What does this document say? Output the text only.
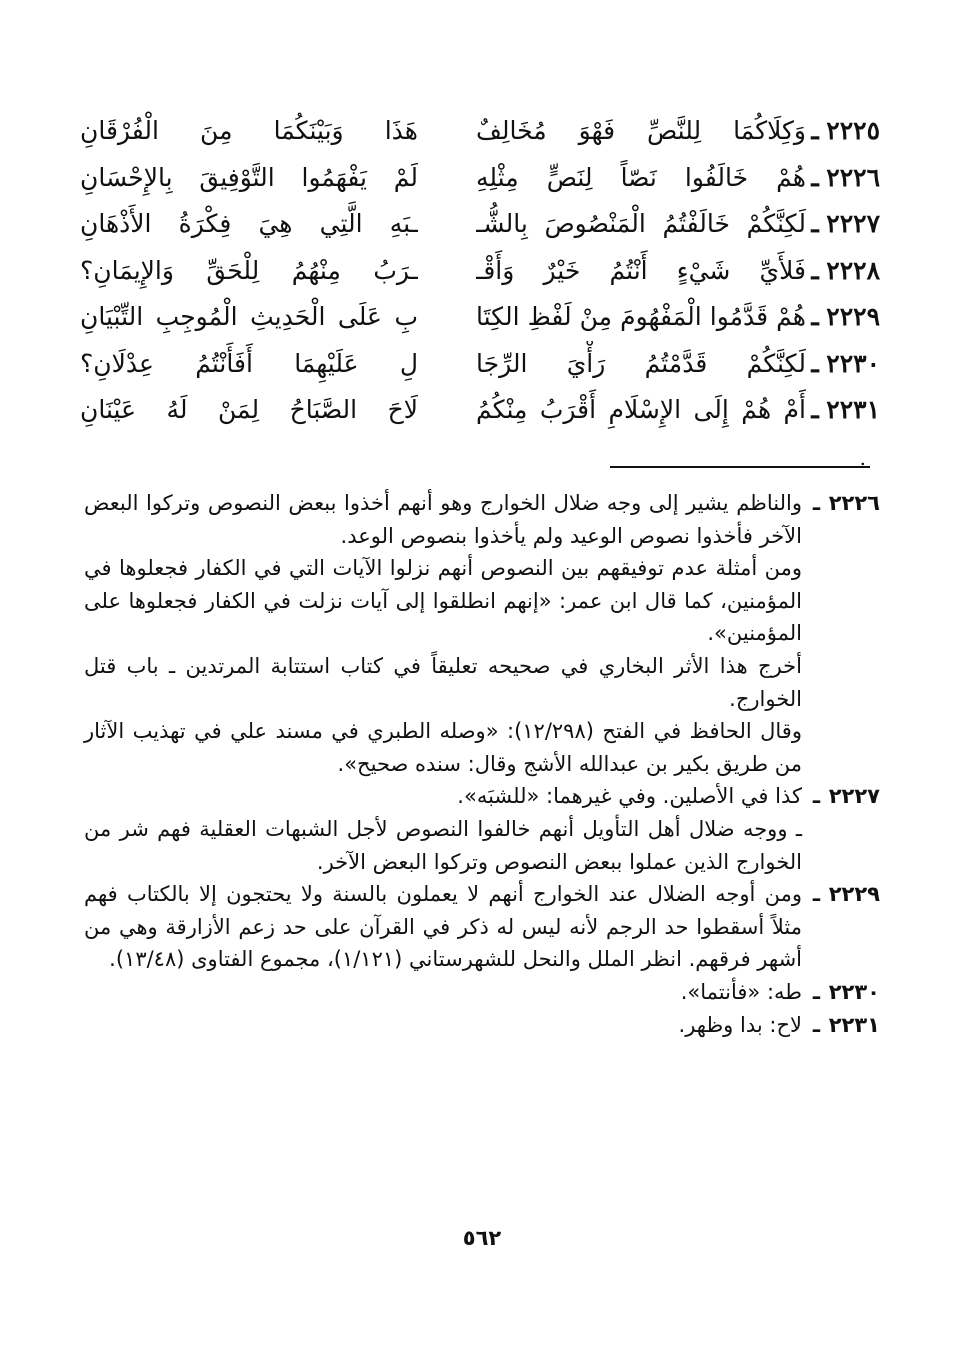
٢٢٢٥
ـ
وَكِلَاكُمَا لِلنَّصِّ فَهْوَ مُخَالِفٌ
هَذَا وَبَيْنَكُمَا مِنَ الْفُرْقَانِ
٢٢٢٦
ـ
هُمْ خَالَفُوا نَصّاً لِنَصٍّ مِثْلِهِ
لَمْ يَفْهَمُوا التَّوْفِيقَ بِالإِحْسَانِ
٢٢٢٧
ـ
لَكِنَّكُمْ خَالَفْتُمُ الْمَنْصُوصَ بِالشُّـ
ـبَهِ الَّتِي هِيَ فِكْرَةُ الأَذْهَانِ
٢٢٢٨
ـ
فَلأَيِّ شَيْءٍ أَنْتُمُ خَيْرٌ وَأَقْـ
ـرَبُ مِنْهُمُ لِلْحَقِّ وَالإِيمَانِ؟
٢٢٢٩
ـ
هُمْ قَدَّمُوا الْمَفْهُومَ مِنْ لَفْظِ الكِتَا
بِ عَلَى الْحَدِيثِ الْمُوجِبِ التِّبْيَانِ
٢٢٣٠
ـ
لَكِنَّكُمْ قَدَّمْتُمُ رَأْيَ الرِّجَا
لِ عَلَيْهِمَا أَفَأَنْتُمُ عِدْلَانِ؟
٢٢٣١
ـ
أَمْ هُمْ إِلَى الإِسْلَامِ أَقْرَبُ مِنْكُمُ
لَاحَ الصَّبَاحُ لِمَنْ لَهُ عَيْنَانِ
.
٢٢٢٦
ـ

والناظم يشير إلى وجه ضلال الخوارج وهو أنهم أخذوا ببعض النصوص وتركوا البعض الآخر فأخذوا نصوص الوعيد ولم يأخذوا بنصوص الوعد.

ومن أمثلة عدم توفيقهم بين النصوص أنهم نزلوا الآيات التي في الكفار فجعلوها في المؤمنين، كما قال ابن عمر: «إنهم انطلقوا إلى آيات نزلت في الكفار فجعلوها على المؤمنين».

أخرج هذا الأثر البخاري في صحيحه تعليقاً في كتاب استتابة المرتدين ـ باب قتل الخوارج.

وقال الحافظ في الفتح (١٢/٢٩٨): «وصله الطبري في مسند علي في تهذيب الآثار من طريق بكير بن عبدالله الأشج وقال: سنده صحيح».

٢٢٢٧
ـ

كذا في الأصلين. وفي غيرهما: «للشبَه».

ـ ووجه ضلال أهل التأويل أنهم خالفوا النصوص لأجل الشبهات العقلية فهم شر من الخوارج الذين عملوا ببعض النصوص وتركوا البعض الآخر.

٢٢٢٩
ـ

ومن أوجه الضلال عند الخوارج أنهم لا يعملون بالسنة ولا يحتجون إلا بالكتاب فهم مثلاً أسقطوا حد الرجم لأنه ليس له ذكر في القرآن على حد زعم الأزارقة وهي من أشهر فرقهم. انظر الملل والنحل للشهرستاني (١/١٢١)، مجموع الفتاوى (١٣/٤٨).

٢٢٣٠
ـ

طه: «فأنتما».

٢٢٣١
ـ

لاح: بدا وظهر.

٥٦٢
